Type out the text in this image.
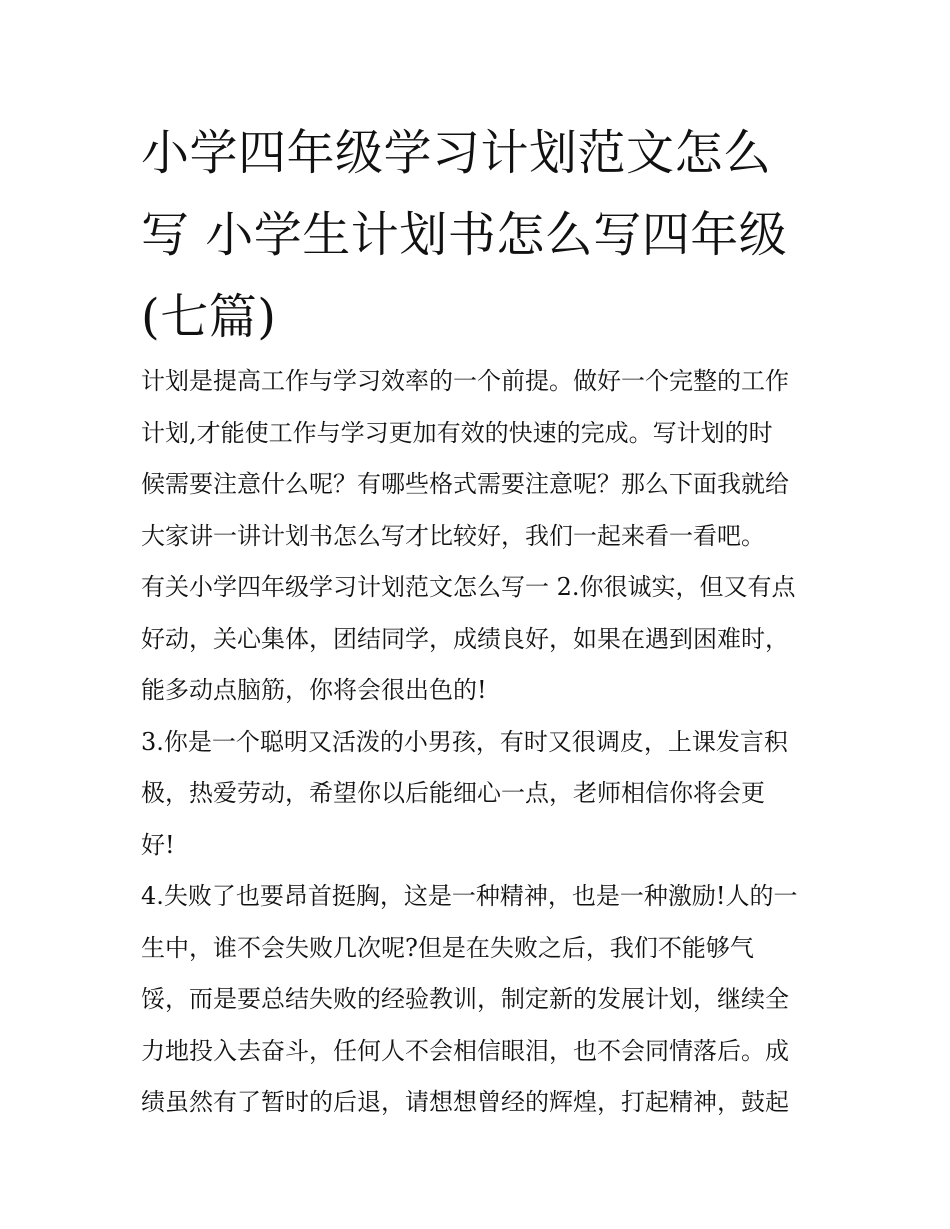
小学四年级学习计划范文怎么
写 小学生计划书怎么写四年级
(七篇)
计划是提高工作与学习效率的一个前提。做好一个完整的工作
计划,才能使工作与学习更加有效的快速的完成。写计划的时
候需要注意什么呢？有哪些格式需要注意呢？那么下面我就给
大家讲一讲计划书怎么写才比较好，我们一起来看一看吧。
有关小学四年级学习计划范文怎么写一 2.你很诚实，但又有点
好动，关心集体，团结同学，成绩良好，如果在遇到困难时，
能多动点脑筋，你将会很出色的!
3.你是一个聪明又活泼的小男孩，有时又很调皮，上课发言积
极，热爱劳动，希望你以后能细心一点，老师相信你将会更
好!
4.失败了也要昂首挺胸，这是一种精神，也是一种激励!人的一
生中，谁不会失败几次呢?但是在失败之后，我们不能够气
馁，而是要总结失败的经验教训，制定新的发展计划，继续全
力地投入去奋斗，任何人不会相信眼泪，也不会同情落后。成
绩虽然有了暂时的后退，请想想曾经的辉煌，打起精神，鼓起
